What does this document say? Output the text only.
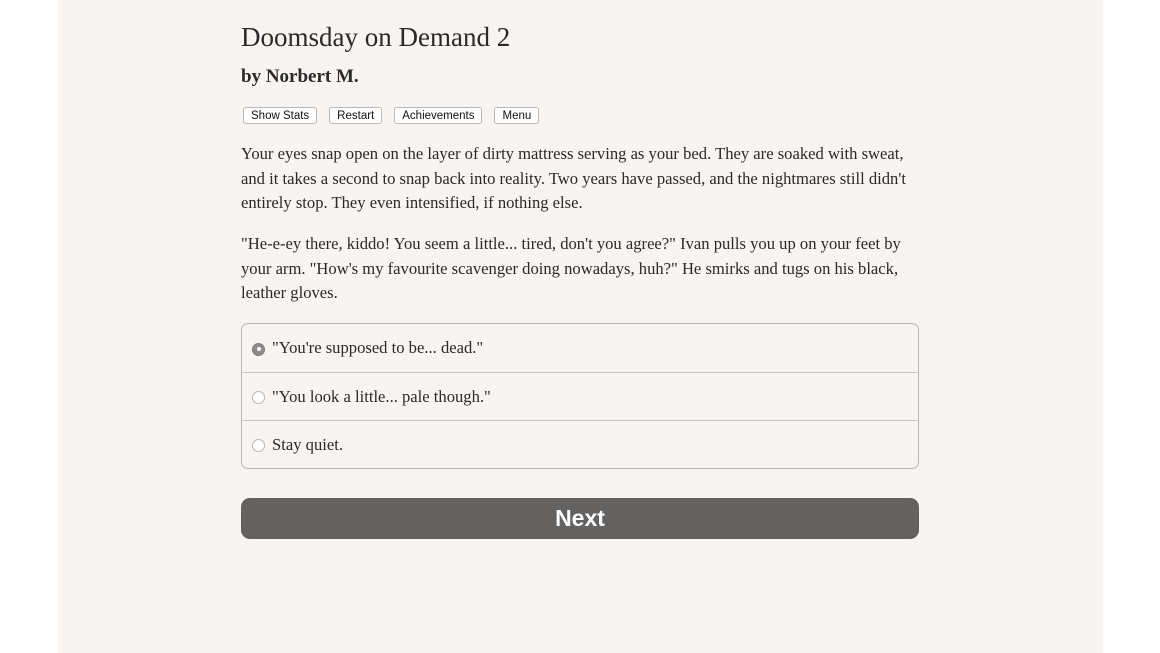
Doomsday on Demand 2
by Norbert M.
Show Stats	Restart	Achievements	Menu

Your eyes snap open on the layer of dirty mattress serving as your bed. They are soaked with sweat, and it takes a second to snap back into reality. Two years have passed, and the nightmares still didn't entirely stop. They even intensified, if nothing else.

"He-e-ey there, kiddo! You seem a little... tired, don't you agree?" Ivan pulls you up on your feet by your arm. "How's my favourite scavenger doing nowadays, huh?" He smirks and tugs on his black, leather gloves.

"You're supposed to be... dead."
"You look a little... pale though."
Stay quiet.
Next
